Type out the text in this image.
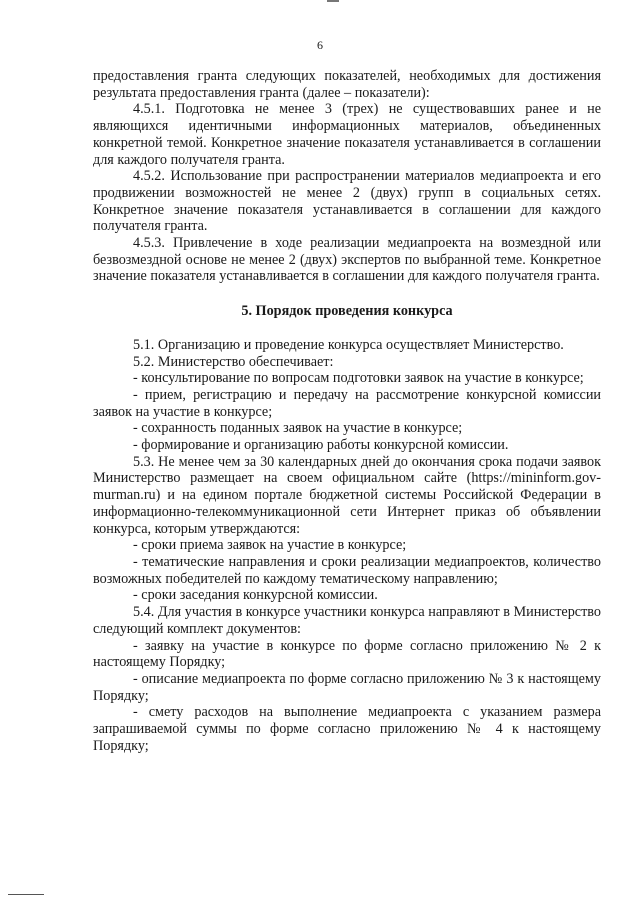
6

предоставления гранта следующих показателей, необходимых для достижения результата предоставления гранта (далее – показатели):

4.5.1. Подготовка не менее 3 (трех) не существовавших ранее и не являющихся идентичными информационных материалов, объединенных конкретной темой. Конкретное значение показателя устанавливается в соглашении для каждого получателя гранта.

4.5.2. Использование при распространении материалов медиапроекта и его продвижении возможностей не менее 2 (двух) групп в социальных сетях. Конкретное значение показателя устанавливается в соглашении для каждого получателя гранта.

4.5.3. Привлечение в ходе реализации медиапроекта на возмездной или безвозмездной основе не менее 2 (двух) экспертов по выбранной теме. Конкретное значение показателя устанавливается в соглашении для каждого получателя гранта.

5. Порядок проведения конкурса

5.1. Организацию и проведение конкурса осуществляет Министерство.

5.2. Министерство обеспечивает:

- консультирование по вопросам подготовки заявок на участие в конкурсе;

- прием, регистрацию и передачу на рассмотрение конкурсной комиссии заявок на участие в конкурсе;

- сохранность поданных заявок на участие в конкурсе;

- формирование и организацию работы конкурсной комиссии.

5.3. Не менее чем за 30 календарных дней до окончания срока подачи заявок Министерство размещает на своем официальном сайте (https://mininform.gov-murman.ru) и на едином портале бюджетной системы Российской Федерации в информационно-телекоммуникационной сети Интернет приказ об объявлении конкурса, которым утверждаются:

- сроки приема заявок на участие в конкурсе;

- тематические направления и сроки реализации медиапроектов, количество возможных победителей по каждому тематическому направлению;

- сроки заседания конкурсной комиссии.

5.4. Для участия в конкурсе участники конкурса направляют в Министерство следующий комплект документов:

- заявку на участие в конкурсе по форме согласно приложению № 2 к настоящему Порядку;

- описание медиапроекта по форме согласно приложению № 3 к настоящему Порядку;

- смету расходов на выполнение медиапроекта с указанием размера запрашиваемой суммы по форме согласно приложению № 4 к настоящему Порядку;
